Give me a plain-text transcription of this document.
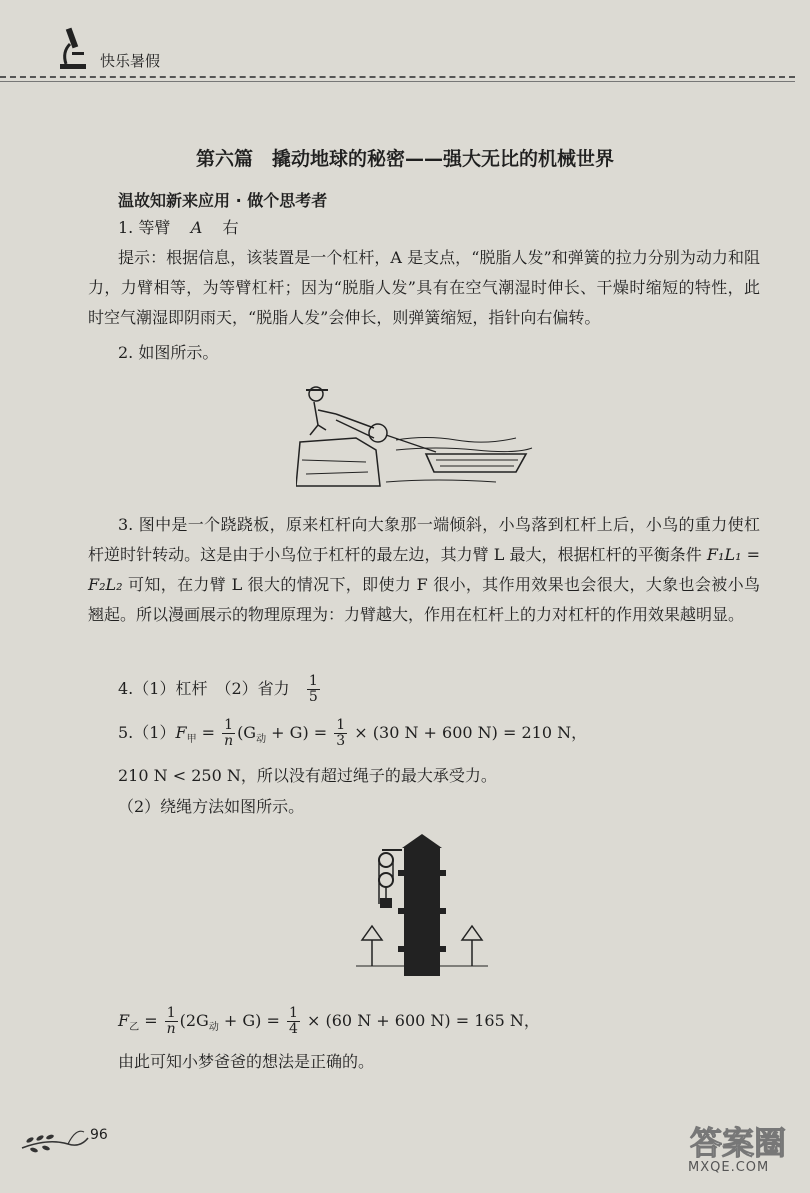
快乐暑假
第六篇　撬动地球的秘密——强大无比的机械世界
温故知新来应用 · 做个思考者
1. 等臂 A 右
提示：根据信息，该装置是一个杠杆，A 是支点，“脱脂人发”和弹簧的拉力分别为动力和阻力，力臂相等，为等臂杠杆；因为“脱脂人发”具有在空气潮湿时伸长、干燥时缩短的特性，此时空气潮湿即阴雨天，“脱脂人发”会伸长，则弹簧缩短，指针向右偏转。
2. 如图所示。
3. 图中是一个跷跷板，原来杠杆向大象那一端倾斜，小鸟落到杠杆上后，小鸟的重力使杠杆逆时针转动。这是由于小鸟位于杠杆的最左边，其力臂 L 最大，根据杠杆的平衡条件 F₁L₁ = F₂L₂ 可知，在力臂 L 很大的情况下，即使力 F 很小，其作用效果也会很大，大象也会被小鸟翘起。所以漫画展示的物理原理为：力臂越大，作用在杠杆上的力对杠杆的作用效果越明显。
4.（1）杠杆　（2）省力 $\frac{1}{5}$
$5.(1)F_甲 = \frac{1}{n} (G_动 + G) = \frac{1}{3} \times (30$ N + 600 N) = 210 N，
210 N < 250 N，所以没有超过绳子的最大承受力。
（2）绕绳方法如图所示。
$F_乙 = \frac{1}{n} (2G_动 + G) = \frac{1}{4} \times (60$ N + 600 N) = 165 N，
由此可知小梦爸爸的想法是正确的。
96	答案圈
MXQE.COM
